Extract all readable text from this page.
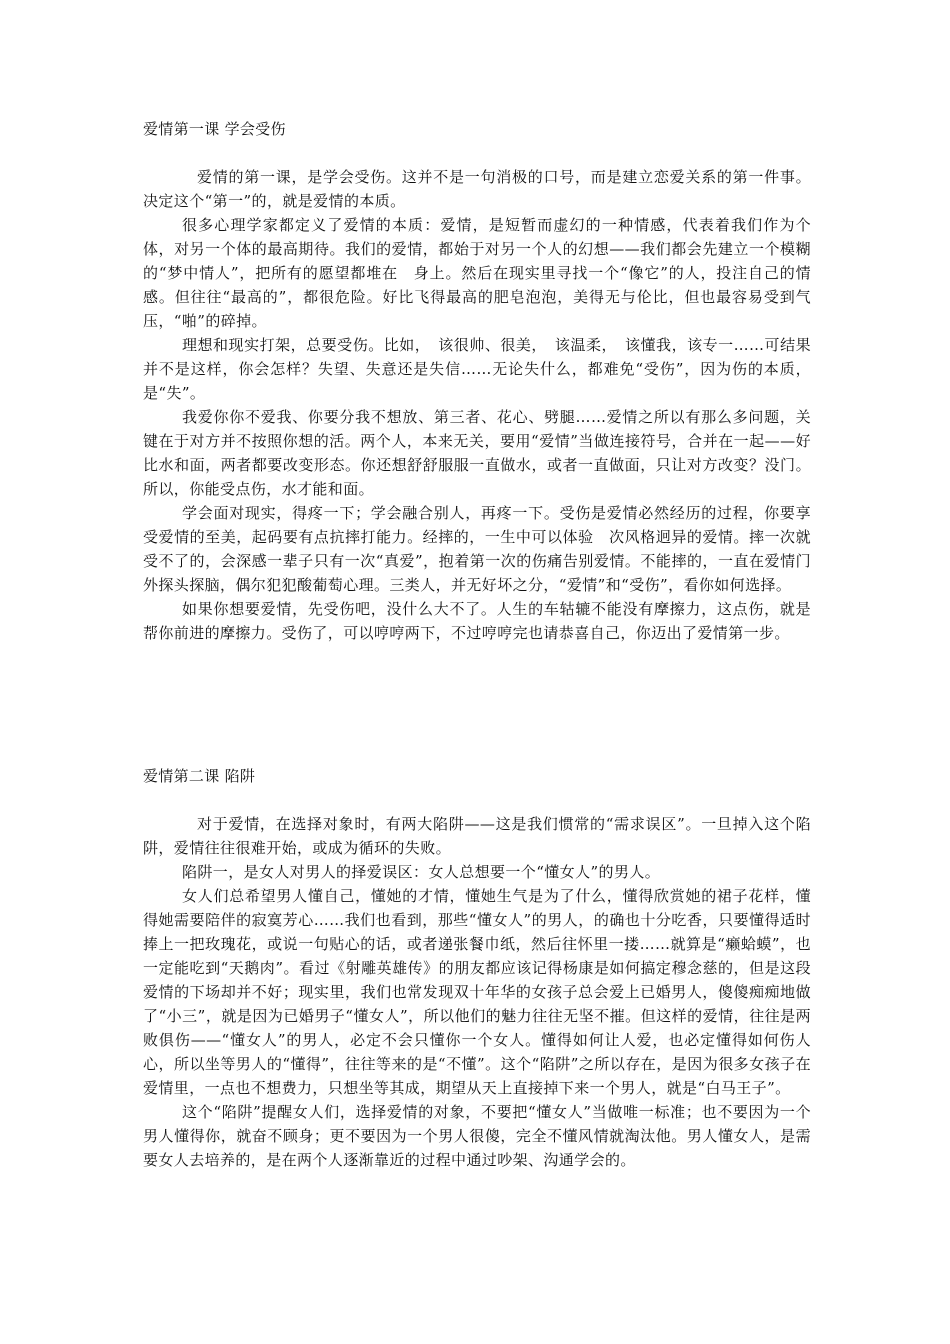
爱情第一课 学会受伤

爱情的第一课，是学会受伤。这并不是一句消极的口号，而是建立恋爱关系的第一件事。决定这个“第一”的，就是爱情的本质。

很多心理学家都定义了爱情的本质：爱情，是短暂而虚幻的一种情感，代表着我们作为个体，对另一个体的最高期待。我们的爱情，都始于对另一个人的幻想——我们都会先建立一个模糊的“梦中情人”，把所有的愿望都堆在　身上。然后在现实里寻找一个“像它”的人，投注自己的情感。但往往“最高的”，都很危险。好比飞得最高的肥皂泡泡，美得无与伦比，但也最容易受到气压，“啪”的碎掉。

理想和现实打架，总要受伤。比如，　该很帅、很美，　该温柔，　该懂我，该专一……可结果　并不是这样，你会怎样？失望、失意还是失信……无论失什么，都难免“受伤”，因为伤的本质，是“失”。

我爱你你不爱我、你要分我不想放、第三者、花心、劈腿……爱情之所以有那么多问题，关键在于对方并不按照你想的活。两个人，本来无关，要用“爱情”当做连接符号，合并在一起——好比水和面，两者都要改变形态。你还想舒舒服服一直做水，或者一直做面，只让对方改变？没门。所以，你能受点伤，水才能和面。

学会面对现实，得疼一下；学会融合别人，再疼一下。受伤是爱情必然经历的过程，你要享受爱情的至美，起码要有点抗摔打能力。经摔的，一生中可以体验　次风格迥异的爱情。摔一次就受不了的，会深感一辈子只有一次“真爱”，抱着第一次的伤痛告别爱情。不能摔的，一直在爱情门外探头探脑，偶尔犯犯酸葡萄心理。三类人，并无好坏之分，“爱情”和“受伤”，看你如何选择。

如果你想要爱情，先受伤吧，没什么大不了。人生的车轱辘不能没有摩擦力，这点伤，就是帮你前进的摩擦力。受伤了，可以哼哼两下，不过哼哼完也请恭喜自己，你迈出了爱情第一步。

爱情第二课 陷阱

对于爱情，在选择对象时，有两大陷阱——这是我们惯常的“需求误区”。一旦掉入这个陷阱，爱情往往很难开始，或成为循环的失败。

陷阱一，是女人对男人的择爱误区：女人总想要一个“懂女人”的男人。

女人们总希望男人懂自己，懂她的才情，懂她生气是为了什么，懂得欣赏她的裙子花样，懂得她需要陪伴的寂寞芳心……我们也看到，那些“懂女人”的男人，的确也十分吃香，只要懂得适时捧上一把玫瑰花，或说一句贴心的话，或者递张餐巾纸，然后往怀里一搂……就算是“癞蛤蟆”，也一定能吃到“天鹅肉”。看过《射雕英雄传》的朋友都应该记得杨康是如何搞定穆念慈的，但是这段爱情的下场却并不好；现实里，我们也常发现双十年华的女孩子总会爱上已婚男人，傻傻痴痴地做了“小三”，就是因为已婚男子“懂女人”，所以他们的魅力往往无坚不摧。但这样的爱情，往往是两败俱伤——“懂女人”的男人，必定不会只懂你一个女人。懂得如何让人爱，也必定懂得如何伤人心，所以坐等男人的“懂得”，往往等来的是“不懂”。这个“陷阱”之所以存在，是因为很多女孩子在爱情里，一点也不想费力，只想坐等其成，期望从天上直接掉下来一个男人，就是“白马王子”。

这个“陷阱”提醒女人们，选择爱情的对象，不要把“懂女人”当做唯一标准；也不要因为一个男人懂得你，就奋不顾身；更不要因为一个男人很傻，完全不懂风情就淘汰他。男人懂女人，是需要女人去培养的，是在两个人逐渐靠近的过程中通过吵架、沟通学会的。
